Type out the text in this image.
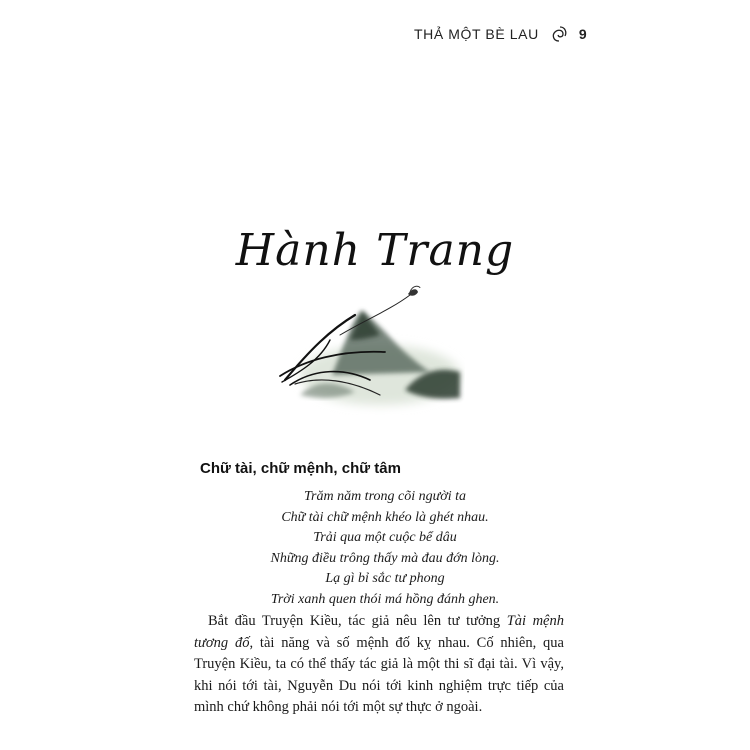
THẢ MỘT BÈ LAU	9
Hành Trang
Chữ tài, chữ mệnh, chữ tâm
Trăm năm trong cõi người ta
Chữ tài chữ mệnh khéo là ghét nhau.
Trải qua một cuộc bể dâu
Những điều trông thấy mà đau đớn lòng.
Lạ gì bỉ sắc tư phong
Trời xanh quen thói má hồng đánh ghen.

Bắt đầu Truyện Kiều, tác giả nêu lên tư tưởng Tài mệnh tương đố, tài năng và số mệnh đố kỵ nhau. Cố nhiên, qua Truyện Kiều, ta có thể thấy tác giả là một thi sĩ đại tài. Vì vậy, khi nói tới tài, Nguyễn Du nói tới kinh nghiệm trực tiếp của mình chứ không phải nói tới một sự thực ở ngoài.
